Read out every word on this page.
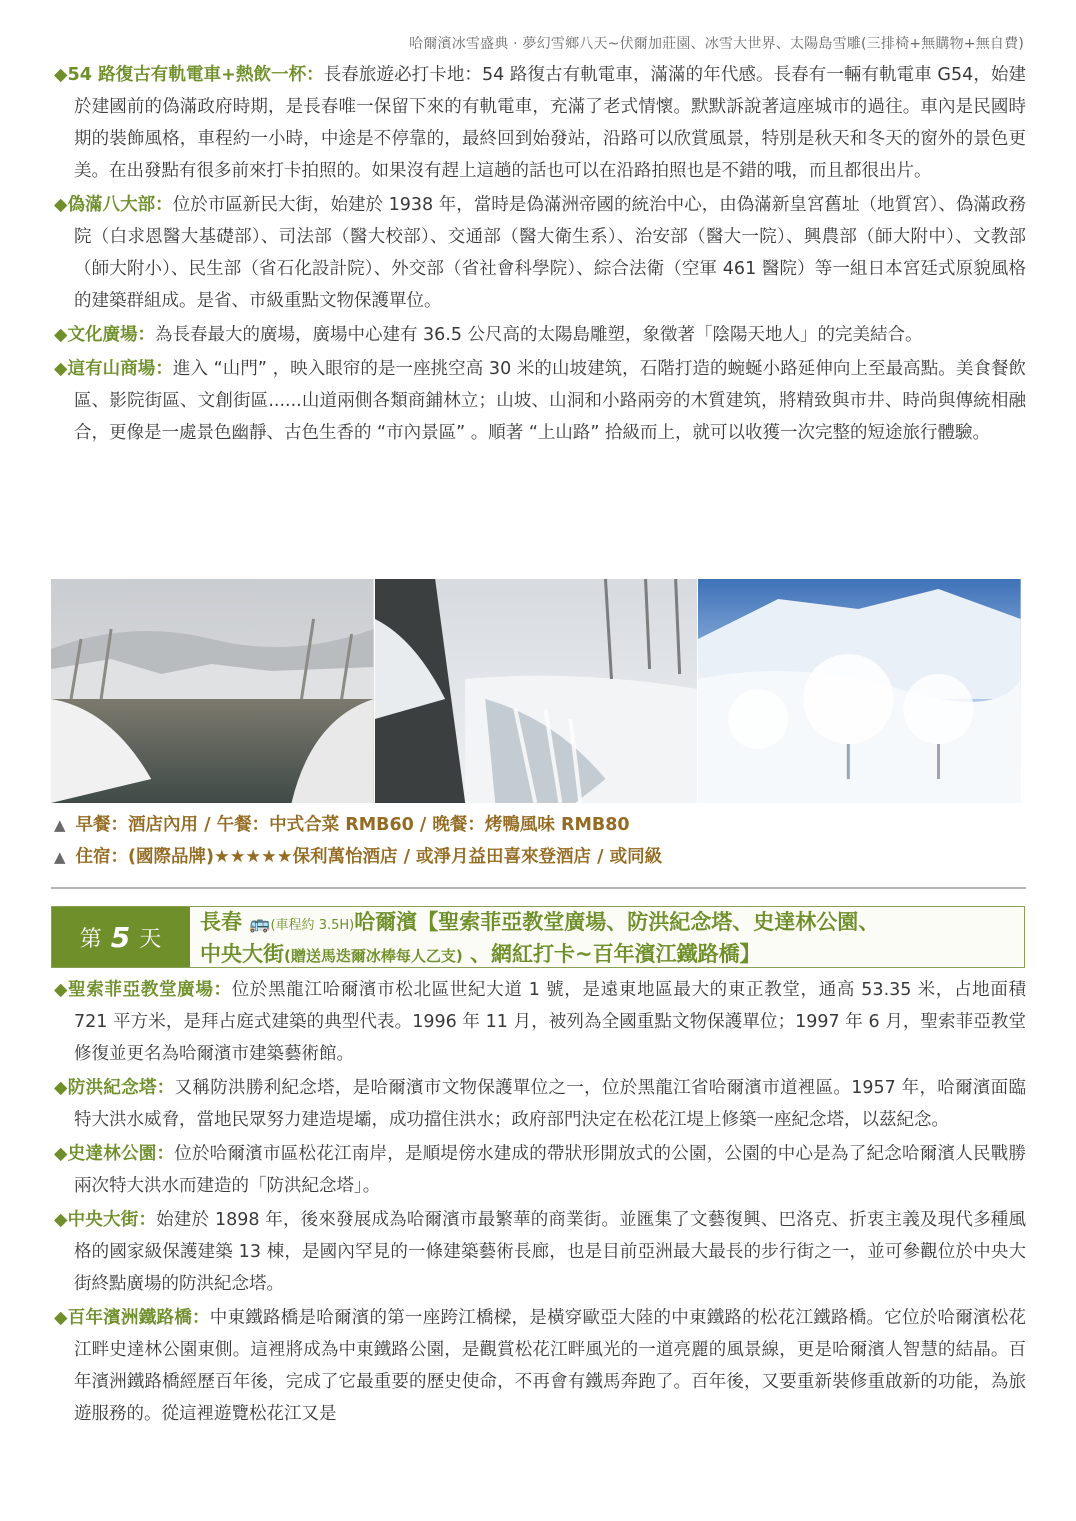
哈爾濱冰雪盛典 · 夢幻雪鄉八天~伏爾加莊園、冰雪大世界、太陽島雪雕(三排椅+無購物+無自費)

◆54 路復古有軌電車+熱飲一杯：長春旅遊必打卡地：54 路復古有軌電車，滿滿的年代感。長春有一輛有軌電車 G54，始建於建國前的偽滿政府時期，是長春唯一保留下來的有軌電車，充滿了老式情懷。默默訴說著這座城市的過往。車內是民國時期的裝飾風格，車程約一小時，中途是不停靠的，最終回到始發站，沿路可以欣賞風景，特別是秋天和冬天的窗外的景色更美。在出發點有很多前來打卡拍照的。如果沒有趕上這趟的話也可以在沿路拍照也是不錯的哦，而且都很出片。

◆偽滿八大部：位於市區新民大街，始建於 1938 年，當時是偽滿洲帝國的統治中心，由偽滿新皇宮舊址（地質宮）、偽滿政務院（白求恩醫大基礎部）、司法部（醫大校部）、交通部（醫大衛生系）、治安部（醫大一院）、興農部（師大附中）、文教部（師大附小）、民生部（省石化設計院）、外交部（省社會科學院）、綜合法衛（空軍 461 醫院）等一組日本宮廷式原貌風格的建築群組成。是省、市級重點文物保護單位。

◆文化廣場：為長春最大的廣場，廣場中心建有 36.5 公尺高的太陽島雕塑，象徵著「陰陽天地人」的完美結合。

◆這有山商場：進入 “山門” ，映入眼帘的是一座挑空高 30 米的山坡建筑，石階打造的蜿蜒小路延伸向上至最高點。美食餐飲區、影院街區、文創街區......山道兩側各類商鋪林立；山坡、山洞和小路兩旁的木質建筑，將精致與市井、時尚與傳統相融合，更像是一處景色幽靜、古色生香的 “市內景區” 。順著 “上山路” 拾級而上，就可以收獲一次完整的短途旅行體驗。

▲ 早餐：酒店內用 / 午餐：中式合菜 RMB60 / 晚餐：烤鴨風味 RMB80
▲ 住宿：(國際品牌)★★★★★保利萬怡酒店 / 或淨月益田喜來登酒店 / 或同級
第 5 天
長春 🚌(車程約 3.5H)哈爾濱【聖索菲亞教堂廣場、防洪紀念塔、史達林公園、
中央大街(贈送馬迭爾冰棒每人乙支) 、網紅打卡~百年濱江鐵路橋】

◆聖索菲亞教堂廣場：位於黑龍江哈爾濱市松北區世紀大道 1 號，是遠東地區最大的東正教堂，通高 53.35 米，占地面積 721 平方米，是拜占庭式建築的典型代表。1996 年 11 月，被列為全國重點文物保護單位；1997 年 6 月，聖索菲亞教堂修復並更名為哈爾濱市建築藝術館。

◆防洪紀念塔：又稱防洪勝利紀念塔，是哈爾濱市文物保護單位之一，位於黑龍江省哈爾濱市道裡區。1957 年，哈爾濱面臨特大洪水威脅，當地民眾努力建造堤壩，成功擋住洪水；政府部門決定在松花江堤上修築一座紀念塔，以茲紀念。

◆史達林公園：位於哈爾濱市區松花江南岸，是順堤傍水建成的帶狀形開放式的公園，公園的中心是為了紀念哈爾濱人民戰勝兩次特大洪水而建造的「防洪紀念塔」。

◆中央大街：始建於 1898 年，後來發展成為哈爾濱市最繁華的商業街。並匯集了文藝復興、巴洛克、折衷主義及現代多種風格的國家級保護建築 13 棟，是國內罕見的一條建築藝術長廊，也是目前亞洲最大最長的步行街之一，並可參觀位於中央大街終點廣場的防洪紀念塔。

◆百年濱洲鐵路橋：中東鐵路橋是哈爾濱的第一座跨江橋樑，是橫穿歐亞大陸的中東鐵路的松花江鐵路橋。它位於哈爾濱松花江畔史達林公園東側。這裡將成為中東鐵路公園，是觀賞松花江畔風光的一道亮麗的風景線，更是哈爾濱人智慧的結晶。百年濱洲鐵路橋經歷百年後，完成了它最重要的歷史使命，不再會有鐵馬奔跑了。百年後，又要重新裝修重啟新的功能，為旅遊服務的。從這裡遊覽松花江又是
